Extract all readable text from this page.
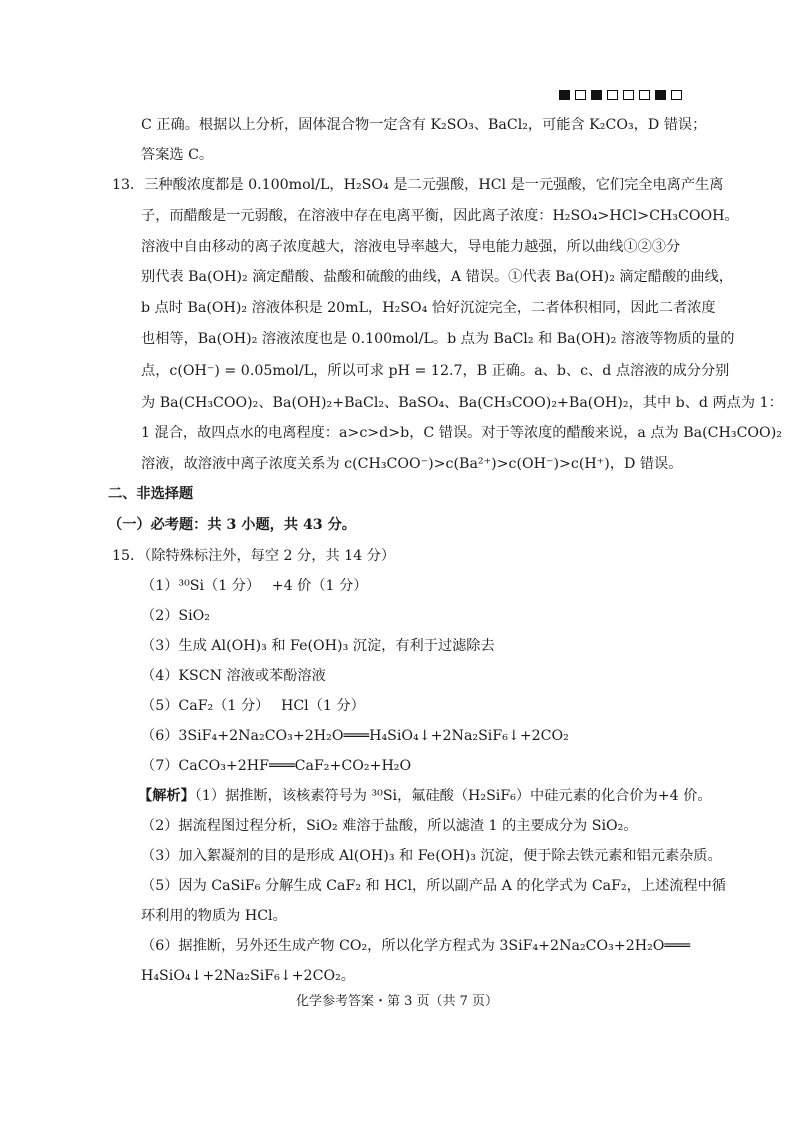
C 正确。根据以上分析，固体混合物一定含有 K₂SO₃、BaCl₂，可能含 K₂CO₃，D 错误；
答案选 C。
13．三种酸浓度都是 0.100mol/L，H₂SO₄ 是二元强酸，HCl 是一元强酸，它们完全电离产生离
子，而醋酸是一元弱酸，在溶液中存在电离平衡，因此离子浓度：H₂SO₄>HCl>CH₃COOH。
溶液中自由移动的离子浓度越大，溶液电导率越大，导电能力越强，所以曲线①②③分
别代表 Ba(OH)₂ 滴定醋酸、盐酸和硫酸的曲线，A 错误。①代表 Ba(OH)₂ 滴定醋酸的曲线，
b 点时 Ba(OH)₂ 溶液体积是 20mL，H₂SO₄ 恰好沉淀完全，二者体积相同，因此二者浓度
也相等，Ba(OH)₂ 溶液浓度也是 0.100mol/L。b 点为 BaCl₂ 和 Ba(OH)₂ 溶液等物质的量的
点，c(OH⁻) = 0.05mol/L，所以可求 pH = 12.7，B 正确。a、b、c、d 点溶液的成分分别
为 Ba(CH₃COO)₂、Ba(OH)₂+BaCl₂、BaSO₄、Ba(CH₃COO)₂+Ba(OH)₂，其中 b、d 两点为 1：
1 混合，故四点水的电离程度：a>c>d>b，C 错误。对于等浓度的醋酸来说，a 点为 Ba(CH₃COO)₂
溶液，故溶液中离子浓度关系为 c(CH₃COO⁻)>c(Ba²⁺)>c(OH⁻)>c(H⁺)，D 错误。
二、非选择题
（一）必考题：共 3 小题，共 43 分。
15．（除特殊标注外，每空 2 分，共 14 分）
（1）³⁰Si（1 分）　 +4 价（1 分）
（2）SiO₂
（3）生成 Al(OH)₃ 和 Fe(OH)₃ 沉淀，有利于过滤除去
（4）KSCN 溶液或苯酚溶液
（5）CaF₂（1 分）　 HCl（1 分）
（6）3SiF₄+2Na₂CO₃+2H₂O═══H₄SiO₄↓+2Na₂SiF₆↓+2CO₂
（7）CaCO₃+2HF═══CaF₂+CO₂+H₂O
【解析】（1）据推断，该核素符号为 ³⁰Si，氟硅酸（H₂SiF₆）中硅元素的化合价为+4 价。
（2）据流程图过程分析，SiO₂ 难溶于盐酸，所以滤渣 1 的主要成分为 SiO₂。
（3）加入絮凝剂的目的是形成 Al(OH)₃ 和 Fe(OH)₃ 沉淀，便于除去铁元素和铝元素杂质。
（5）因为 CaSiF₆ 分解生成 CaF₂ 和 HCl，所以副产品 A 的化学式为 CaF₂，上述流程中循
环利用的物质为 HCl。
（6）据推断，另外还生成产物 CO₂，所以化学方程式为 3SiF₄+2Na₂CO₃+2H₂O═══
H₄SiO₄↓+2Na₂SiF₆↓+2CO₂。
化学参考答案・第 3 页（共 7 页）
